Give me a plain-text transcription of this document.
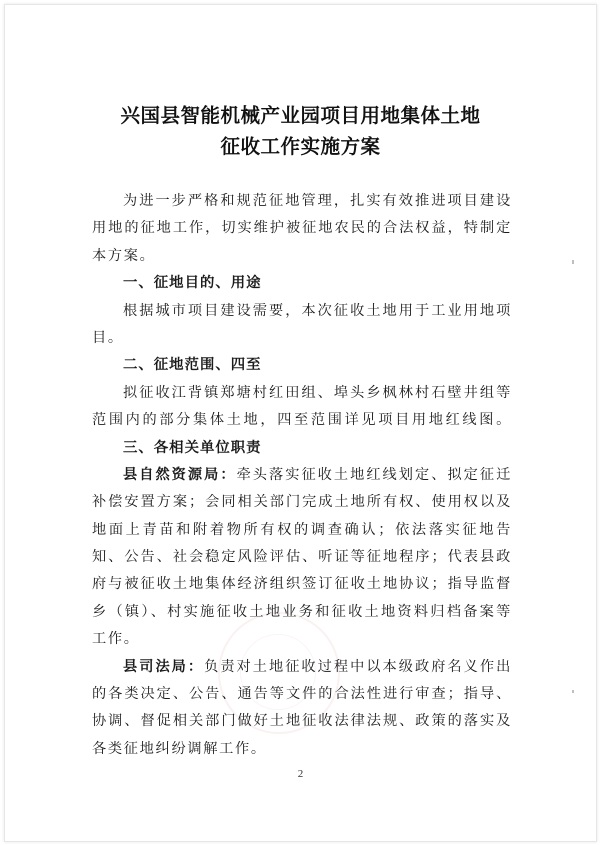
兴国县智能机械产业园项目用地集体土地
征收工作实施方案
为进一步严格和规范征地管理，扎实有效推进项目建设
用地的征地工作，切实维护被征地农民的合法权益，特制定
本方案。
一、征地目的、用途
根据城市项目建设需要，本次征收土地用于工业用地项
目。
二、征地范围、四至
拟征收江背镇郑塘村红田组、埠头乡枫林村石壁井组等
范围内的部分集体土地，四至范围详见项目用地红线图。
三、各相关单位职责
县自然资源局：牵头落实征收土地红线划定、拟定征迁
补偿安置方案；会同相关部门完成土地所有权、使用权以及
地面上青苗和附着物所有权的调查确认；依法落实征地告
知、公告、社会稳定风险评估、听证等征地程序；代表县政
府与被征收土地集体经济组织签订征收土地协议；指导监督
乡（镇）、村实施征收土地业务和征收土地资料归档备案等
工作。
县司法局：负责对土地征收过程中以本级政府名义作出
的各类决定、公告、通告等文件的合法性进行审查；指导、
协调、督促相关部门做好土地征收法律法规、政策的落实及
各类征地纠纷调解工作。
2
